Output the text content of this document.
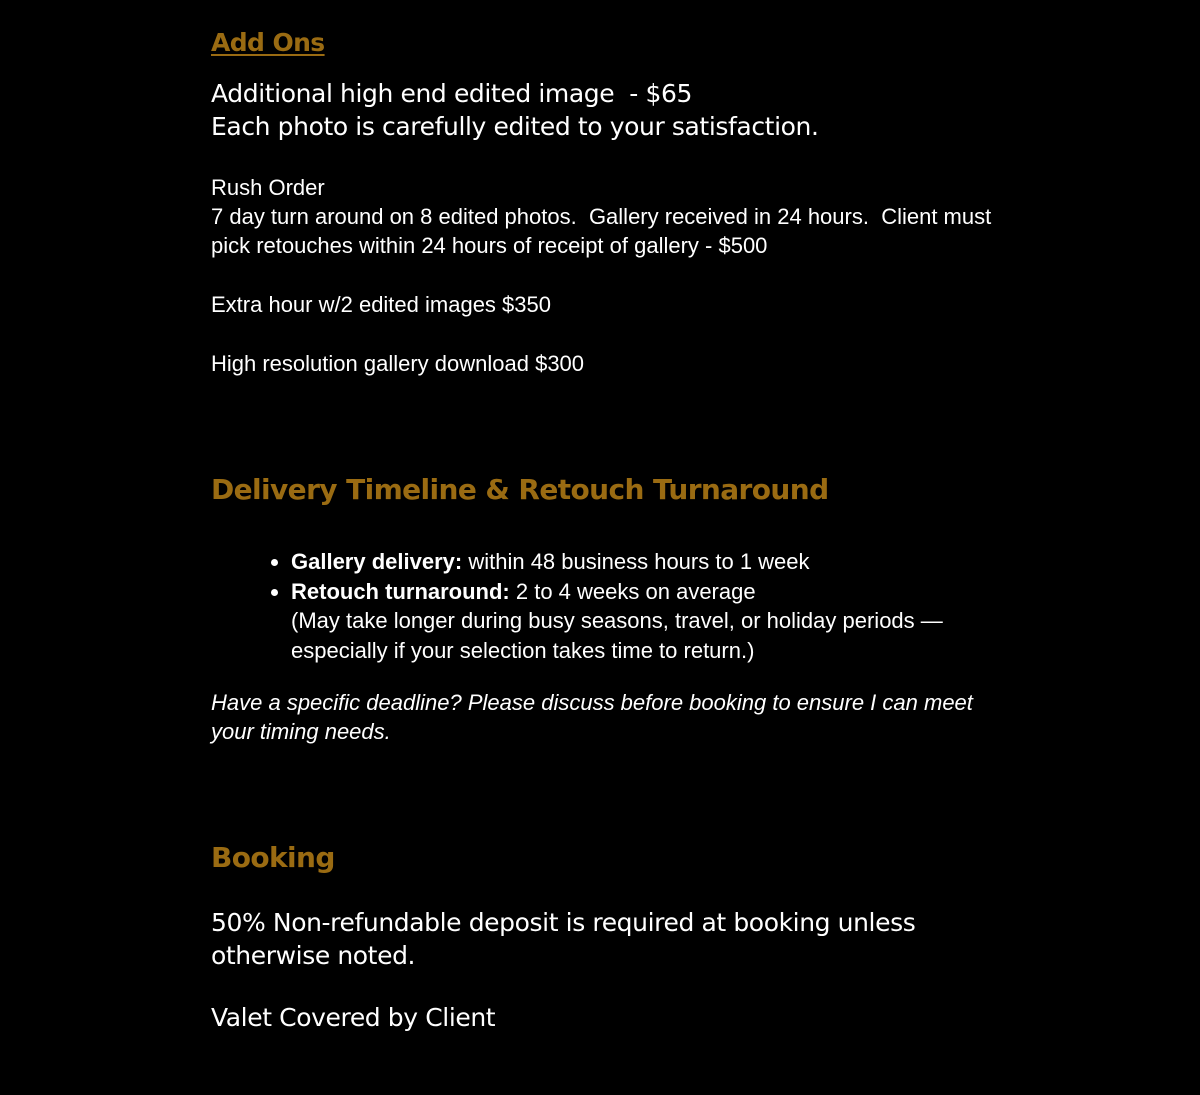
Add Ons

Additional high end edited image  - $65
Each photo is carefully edited to your satisfaction.

Rush Order
7 day turn around on 8 edited photos.  Gallery received in 24 hours.  Client must pick retouches within 24 hours of receipt of gallery - $500

Extra hour w/2 edited images $350

High resolution gallery download $300

Delivery Timeline & Retouch Turnaround
• Gallery delivery: within 48 business hours to 1 week
• Retouch turnaround: 2 to 4 weeks on average
(May take longer during busy seasons, travel, or holiday periods — especially if your selection takes time to return.)

Have a specific deadline? Please discuss before booking to ensure I can meet your timing needs.

Booking

50% Non-refundable deposit is required at booking unless otherwise noted.

Valet Covered by Client
